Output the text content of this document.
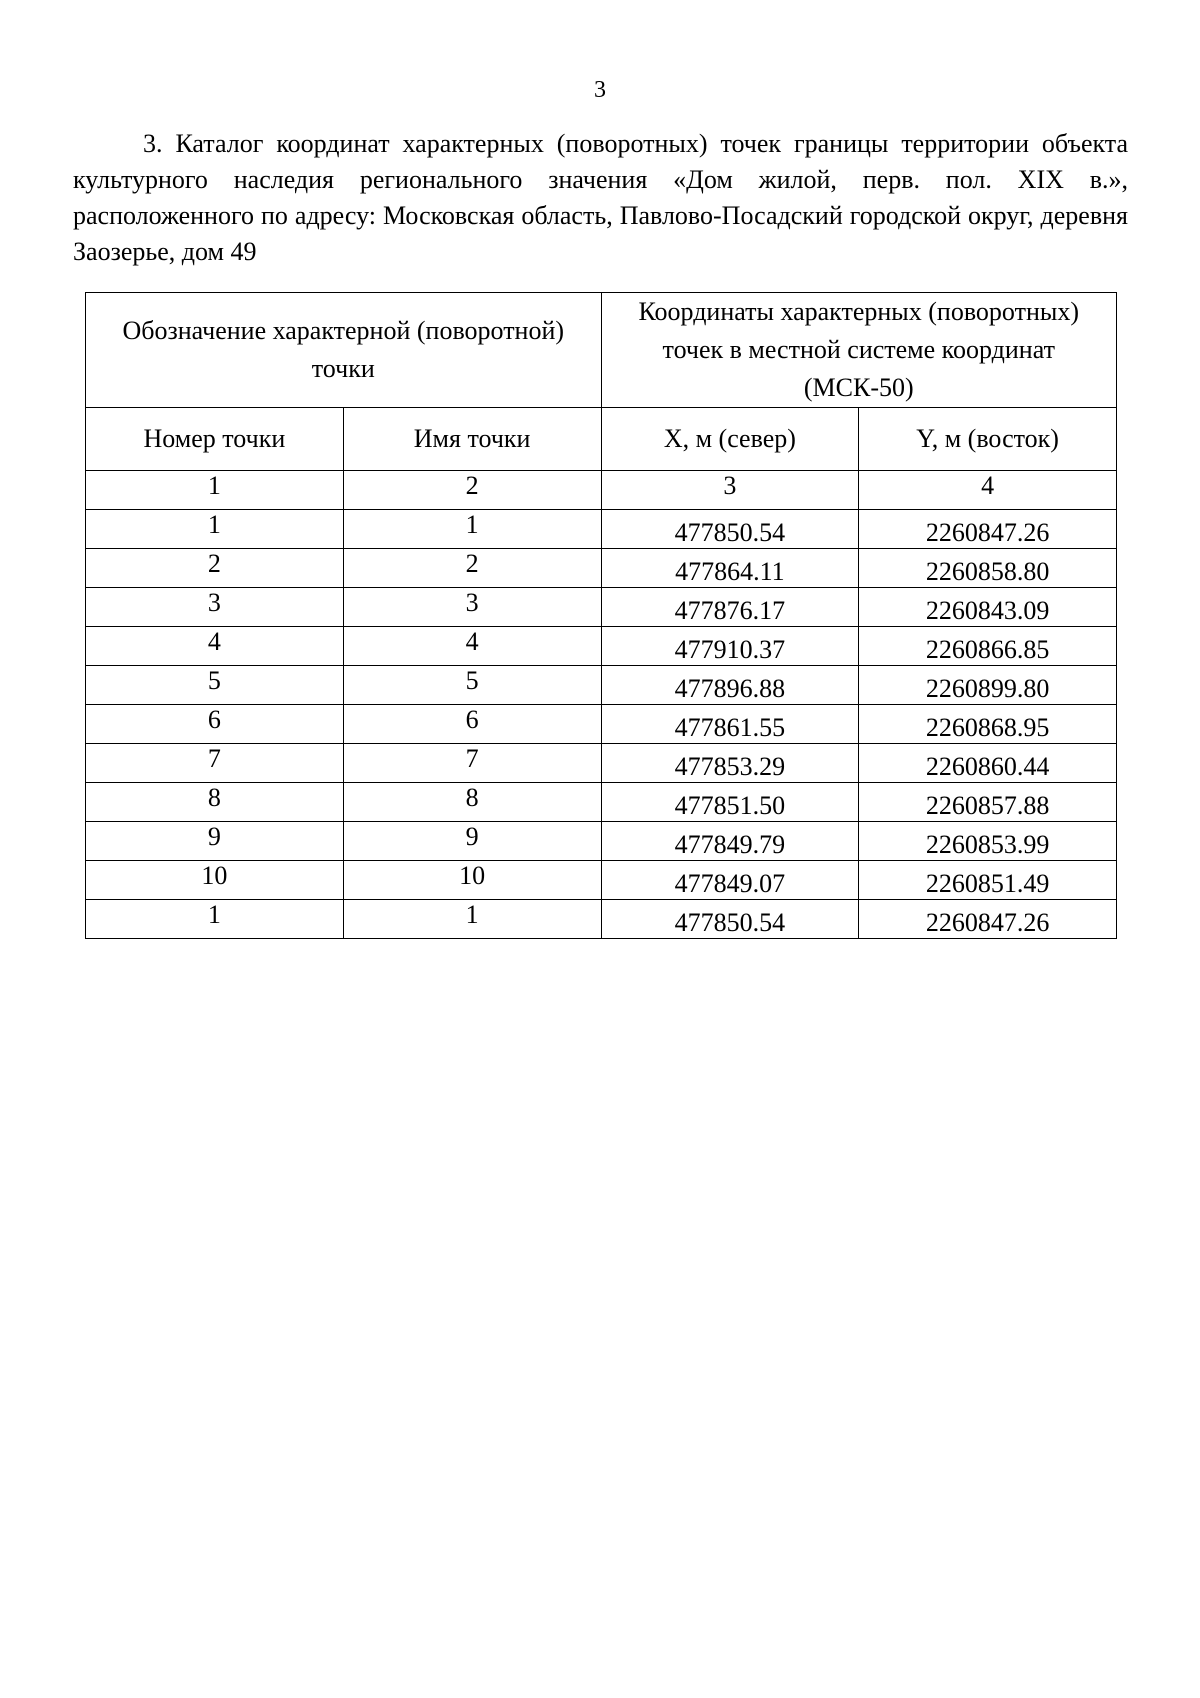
3

3. Каталог координат характерных (поворотных) точек границы территории объекта культурного наследия регионального значения «Дом жилой, перв. пол. XIX в.», расположенного по адресу: Московская область, Павлово-Посадский городской округ, деревня Заозерье, дом 49

Обозначение характерной (поворотной) точки		Координаты характерных (поворотных) точек в местной системе координат (МСК-50)	
Номер точки	Имя точки	X, м (север)	Y, м (восток)
1	2	3	4
1	1	477850.54	2260847.26
2	2	477864.11	2260858.80
3	3	477876.17	2260843.09
4	4	477910.37	2260866.85
5	5	477896.88	2260899.80
6	6	477861.55	2260868.95
7	7	477853.29	2260860.44
8	8	477851.50	2260857.88
9	9	477849.79	2260853.99
10	10	477849.07	2260851.49
1	1	477850.54	2260847.26
